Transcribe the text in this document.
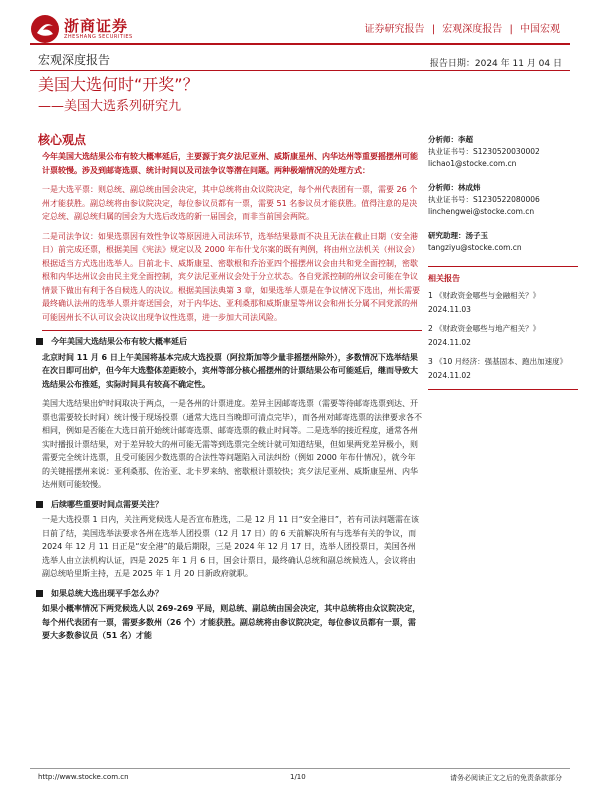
浙商证券
ZHESHANG SECURITIES
证券研究报告 | 宏观深度报告 | 中国宏观
宏观深度报告	报告日期：2024 年 11 月 04 日
美国大选何时“开奖”？
——美国大选系列研究九
核心观点

今年美国大选结果公布有较大概率延后，主要源于宾夕法尼亚州、威斯康星州、内华达州等重要摇摆州可能计票较慢。涉及到邮寄选票、统计时间以及司法争议等潜在问题。两种极端情况的处理方式：

一是大选平票：则总统、副总统由国会决定，其中总统将由众议院决定，每个州代表团有一票，需要 26 个州才能获胜。副总统将由参议院决定，每位参议员都有一票，需要 51 名参议员才能获胜。值得注意的是决定总统、副总统归属的国会为大选后改选的新一届国会，而非当前国会两院。

二是司法争议：如果选票因有效性争议等原因进入司法环节，选举结果悬而不决且无法在截止日期（安全港日）前完成还票，根据美国《宪法》规定以及 2000 年布什戈尔案的既有判例，将由州立法机关（州议会）根据适当方式选出选举人。目前北卡、威斯康星、密歇根和乔治亚四个摇摆州议会由共和党全面控制，密歇根和内华达州议会由民主党全面控制，宾夕法尼亚州议会处于分立状态。各自党派控制的州议会可能在争议情景下做出有利于各自候选人的决议。根据美国法典第 3 章，如果选举人票是在争议情况下选出，州长需要最终确认法州的选举人票并寄送国会，对于内华达、亚利桑那和威斯康星等州议会和州长分属不同党派的州可能因州长不认可议会决议出现争议性选票，进一步加大司法风险。

今年美国大选结果公布有较大概率延后

北京时间 11 月 6 日上午美国将基本完成大选投票（阿拉斯加等少量非摇摆州除外），多数情况下选举结果在次日即可出炉，但今年大选整体差距较小，宾州等部分核心摇摆州的计票结果公布可能延后，继而导致大选结果公布推延，实际时间具有较高不确定性。

美国大选结果出炉时间取决于两点，一是各州的计票进度。差异主因邮寄选票（需要等待邮寄选票到达、开票也需要较长时间）统计慢于现场投票（通常大选日当晚即可清点完毕），而各州对邮寄选票的法律要求各不相同，例如是否能在大选日前开始统计邮寄选票、邮寄选票的截止时间等。二是选举的接近程度，通常各州实时播报计票结果，对于差异较大的州可能无需等到选票完全统计就可知道结果，但如果两党差异极小，则需要完全统计选票，且受可能因少数选票的合法性等问题陷入司法纠纷（例如 2000 年布什情况），就今年的关键摇摆州来说：亚利桑那、佐治亚、北卡罗来纳、密歇根计票较快；宾夕法尼亚州、威斯康星州、内华达州则可能较慢。

后续哪些重要时间点需要关注？

一是大选投票 1 日内，关注两党候选人是否宣布胜选，二是 12 月 11 日“安全港日”，若有司法问题需在该日前了结，美国选举法要求各州在选举人团投票（12 月 17 日）的 6 天前解决所有与选举有关的争议，而 2024 年 12 月 11 日正是“安全港”的最后期限，三是 2024 年 12 月 17 日，选举人团投票日，美国各州选举人由立法机构认证，四是 2025 年 1 月 6 日，国会计票日，最终确认总统和副总统候选人，会议将由副总统哈里斯主持，五是 2025 年 1 月 20 日新政府就职。

如果总统大选出现平手怎么办？

如果小概率情况下两党候选人以 269-269 平局，则总统、副总统由国会决定，其中总统将由众议院决定，每个州代表团有一票，需要多数州（26 个）才能获胜。副总统将由参议院决定，每位参议员都有一票，需要大多数参议员（51 名）才能

分析师：李超
执业证书号：S1230520030002
lichao1@stocke.com.cn
分析师：林成炜
执业证书号：S1230522080006
linchengwei@stocke.com.cn
研究助理：汤子玉
tangziyu@stocke.com.cn
相关报告
1 《财政资金哪些与金融相关？》 2024.11.03
2 《财政资金哪些与地产相关？》 2024.11.02
3 《10 月经济：强基固本、跑出加速度》 2024.11.02
http://www.stocke.com.cn	1/10	请务必阅读正文之后的免责条款部分
